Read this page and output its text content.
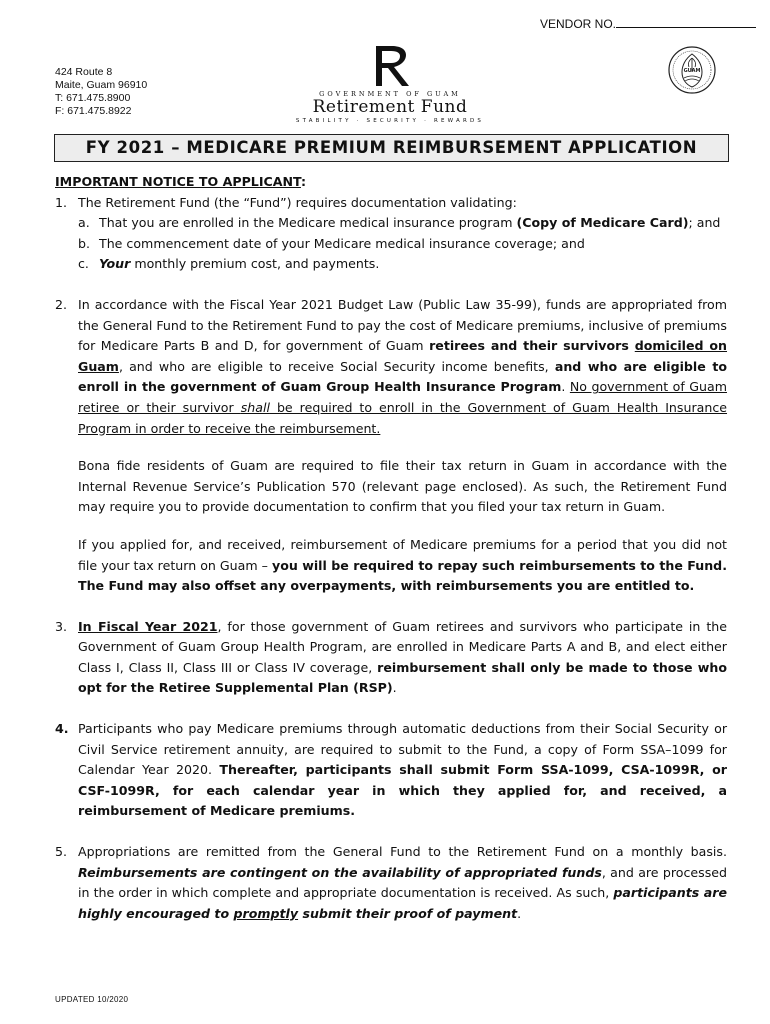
VENDOR NO.
424 Route 8
Maite, Guam 96910
T: 671.475.8900
F: 671.475.8922
GOVERNMENT OF GUAM
Retirement Fund
STABILITY · SECURITY · REWARDS
GUAM
FY 2021 – MEDICARE PREMIUM REIMBURSEMENT APPLICATION

IMPORTANT NOTICE TO APPLICANT:

1. The Retirement Fund (the “Fund”) requires documentation validating:
a. That you are enrolled in the Medicare medical insurance program (Copy of Medicare Card); and
b. The commencement date of your Medicare medical insurance coverage; and
c. Your monthly premium cost, and payments.
2. In accordance with the Fiscal Year 2021 Budget Law (Public Law 35-99), funds are appropriated from the General Fund to the Retirement Fund to pay the cost of Medicare premiums, inclusive of premiums for Medicare Parts B and D, for government of Guam retirees and their survivors domiciled on Guam, and who are eligible to receive Social Security income benefits, and who are eligible to enroll in the government of Guam Group Health Insurance Program. No government of Guam retiree or their survivor shall be required to enroll in the Government of Guam Health Insurance Program in order to receive the reimbursement.

Bona fide residents of Guam are required to file their tax return in Guam in accordance with the Internal Revenue Service’s Publication 570 (relevant page enclosed). As such, the Retirement Fund may require you to provide documentation to confirm that you filed your tax return in Guam.

If you applied for, and received, reimbursement of Medicare premiums for a period that you did not file your tax return on Guam – you will be required to repay such reimbursements to the Fund. The Fund may also offset any overpayments, with reimbursements you are entitled to.

3. In Fiscal Year 2021, for those government of Guam retirees and survivors who participate in the Government of Guam Group Health Program, are enrolled in Medicare Parts A and B, and elect either Class I, Class II, Class III or Class IV coverage, reimbursement shall only be made to those who opt for the Retiree Supplemental Plan (RSP).
4. Participants who pay Medicare premiums through automatic deductions from their Social Security or Civil Service retirement annuity, are required to submit to the Fund, a copy of Form SSA–1099 for Calendar Year 2020. Thereafter, participants shall submit Form SSA-1099, CSA-1099R, or CSF-1099R, for each calendar year in which they applied for, and received, a reimbursement of Medicare premiums.
5. Appropriations are remitted from the General Fund to the Retirement Fund on a monthly basis. Reimbursements are contingent on the availability of appropriated funds, and are processed in the order in which complete and appropriate documentation is received. As such, participants are highly encouraged to promptly submit their proof of payment.
UPDATED 10/2020
